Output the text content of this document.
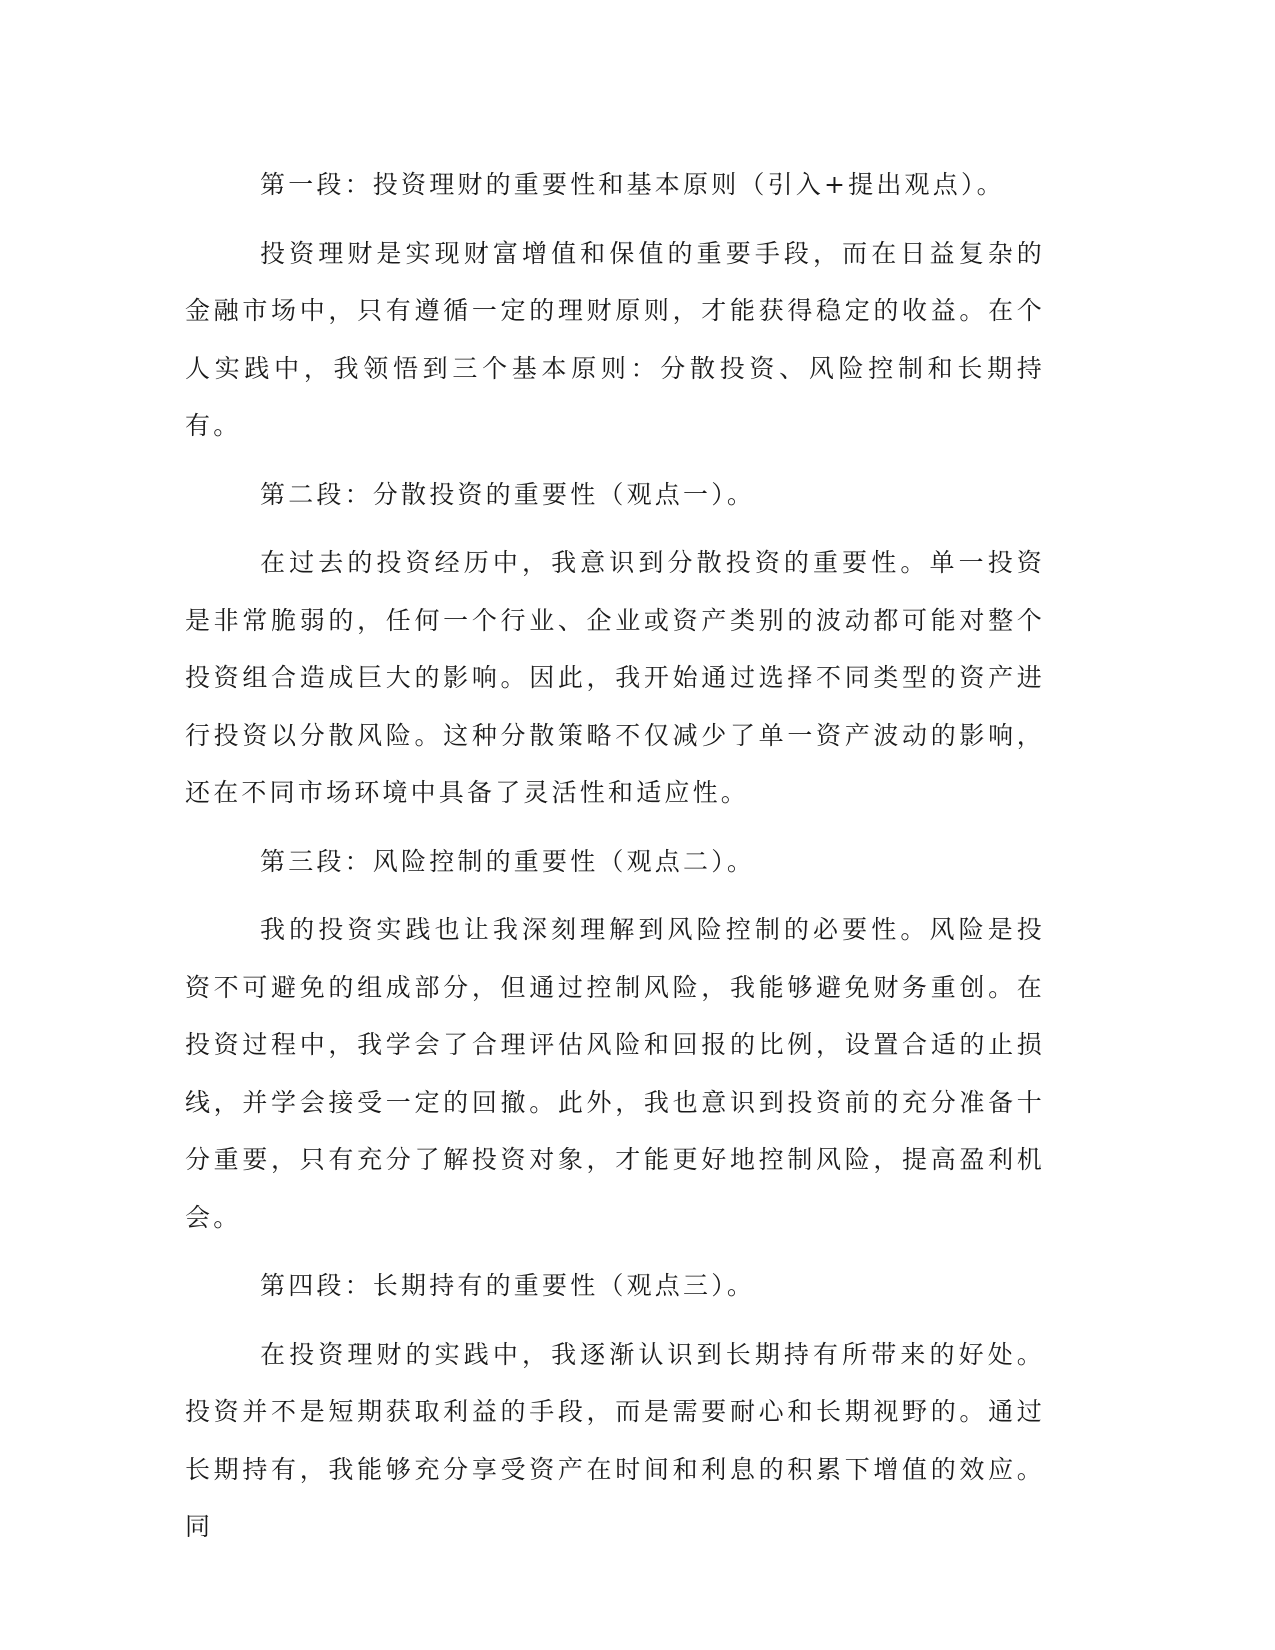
第一段：投资理财的重要性和基本原则（引入+提出观点）。

投资理财是实现财富增值和保值的重要手段，而在日益复杂的金融市场中，只有遵循一定的理财原则，才能获得稳定的收益。在个人实践中，我领悟到三个基本原则：分散投资、风险控制和长期持有。

第二段：分散投资的重要性（观点一）。

在过去的投资经历中，我意识到分散投资的重要性。单一投资是非常脆弱的，任何一个行业、企业或资产类别的波动都可能对整个投资组合造成巨大的影响。因此，我开始通过选择不同类型的资产进行投资以分散风险。这种分散策略不仅减少了单一资产波动的影响，还在不同市场环境中具备了灵活性和适应性。

第三段：风险控制的重要性（观点二）。

我的投资实践也让我深刻理解到风险控制的必要性。风险是投资不可避免的组成部分，但通过控制风险，我能够避免财务重创。在投资过程中，我学会了合理评估风险和回报的比例，设置合适的止损线，并学会接受一定的回撤。此外，我也意识到投资前的充分准备十分重要，只有充分了解投资对象，才能更好地控制风险，提高盈利机会。

第四段：长期持有的重要性（观点三）。

在投资理财的实践中，我逐渐认识到长期持有所带来的好处。投资并不是短期获取利益的手段，而是需要耐心和长期视野的。通过长期持有，我能够充分享受资产在时间和利息的积累下增值的效应。同
